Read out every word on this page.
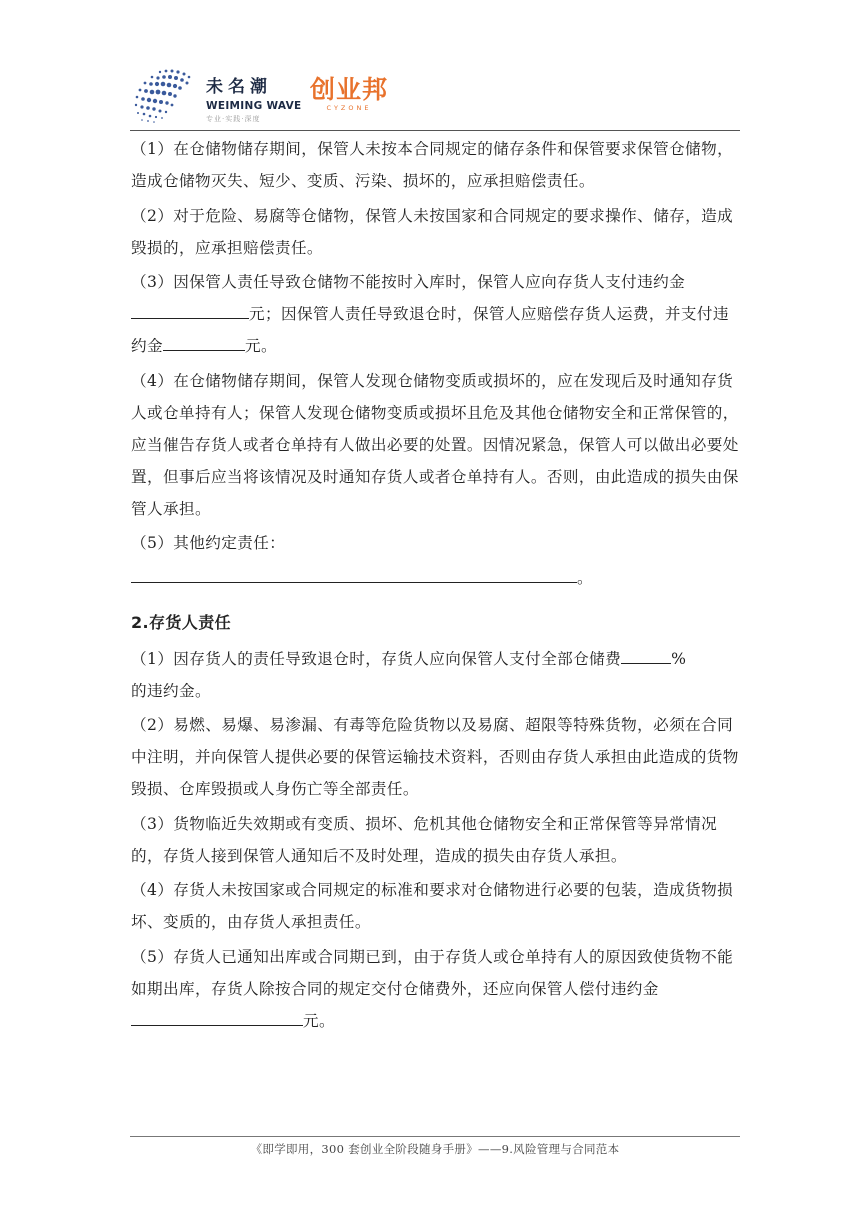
未名潮
WEIMING WAVE
专业·实践·深度
创业邦
CYZONE

（1）在仓储物储存期间，保管人未按本合同规定的储存条件和保管要求保管仓储物，造成仓储物灭失、短少、变质、污染、损坏的，应承担赔偿责任。

（2）对于危险、易腐等仓储物，保管人未按国家和合同规定的要求操作、储存，造成毁损的，应承担赔偿责任。

（3）因保管人责任导致仓储物不能按时入库时，保管人应向存货人支付违约金元；因保管人责任导致退仓时，保管人应赔偿存货人运费，并支付违约金	元。

（4）在仓储物储存期间，保管人发现仓储物变质或损坏的，应在发现后及时通知存货人或仓单持有人；保管人发现仓储物变质或损坏且危及其他仓储物安全和正常保管的，应当催告存货人或者仓单持有人做出必要的处置。因情况紧急，保管人可以做出必要处置，但事后应当将该情况及时通知存货人或者仓单持有人。否则，由此造成的损失由保管人承担。

（5）其他约定责任：

。

2.存货人责任

（1）因存货人的责任导致退仓时，存货人应向保管人支付全部仓储费	%
的违约金。

（2）易燃、易爆、易渗漏、有毒等危险货物以及易腐、超限等特殊货物，必须在合同中注明，并向保管人提供必要的保管运输技术资料，否则由存货人承担由此造成的货物毁损、仓库毁损或人身伤亡等全部责任。

（3）货物临近失效期或有变质、损坏、危机其他仓储物安全和正常保管等异常情况的，存货人接到保管人通知后不及时处理，造成的损失由存货人承担。

（4）存货人未按国家或合同规定的标准和要求对仓储物进行必要的包装，造成货物损坏、变质的，由存货人承担责任。

（5）存货人已通知出库或合同期已到，由于存货人或仓单持有人的原因致使货物不能如期出库，存货人除按合同的规定交付仓储费外，还应向保管人偿付违约金元。

《即学即用，300 套创业全阶段随身手册》——9.风险管理与合同范本
